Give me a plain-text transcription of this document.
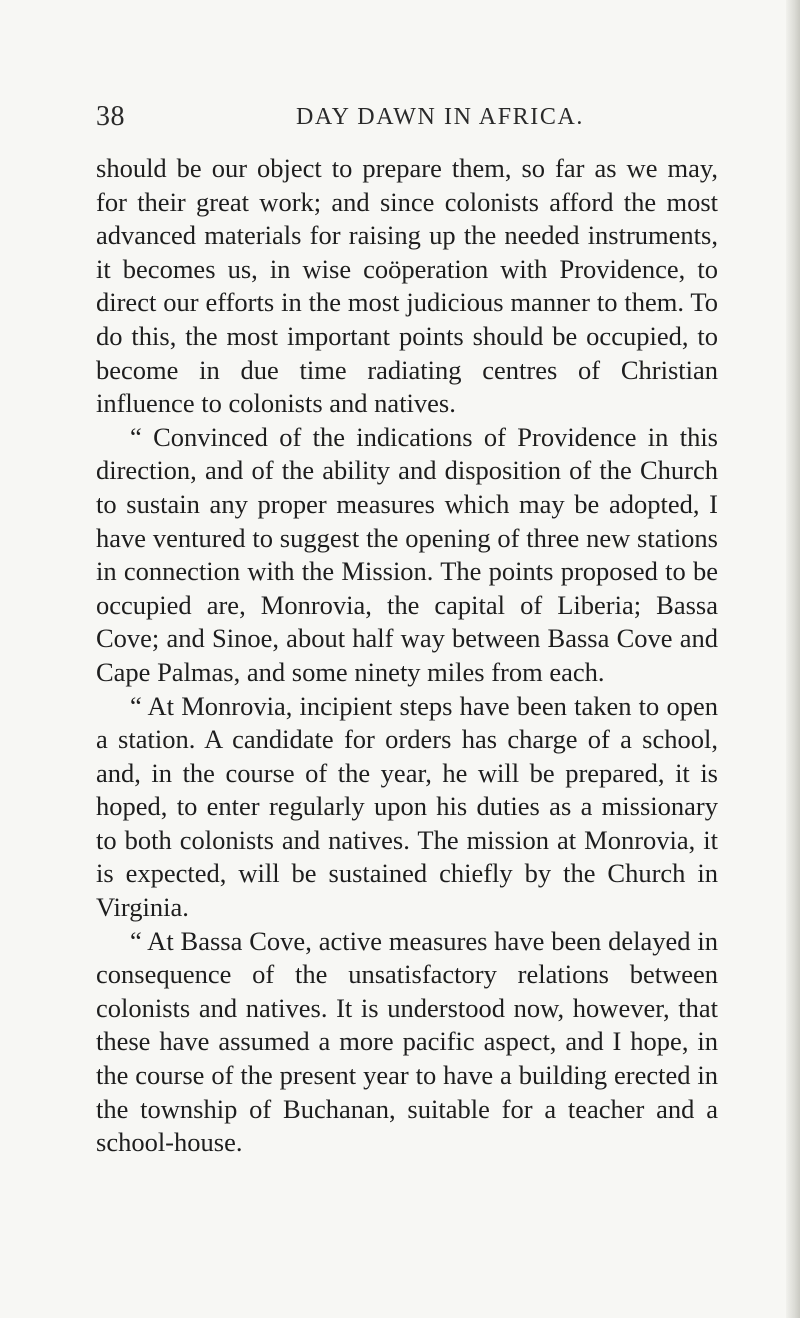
38	DAY DAWN IN AFRICA.

should be our object to prepare them, so far as we may, for their great work; and since colonists afford the most advanced materials for raising up the needed instruments, it becomes us, in wise coöperation with Providence, to direct our efforts in the most judicious manner to them. To do this, the most important points should be occupied, to become in due time radiating centres of Christian influence to colonists and natives.

“ Convinced of the indications of Providence in this direction, and of the ability and disposition of the Church to sustain any proper measures which may be adopted, I have ventured to suggest the opening of three new stations in connection with the Mission. The points proposed to be occupied are, Monrovia, the capital of Liberia; Bassa Cove; and Sinoe, about half way between Bassa Cove and Cape Palmas, and some ninety miles from each.

“ At Monrovia, incipient steps have been taken to open a station. A candidate for orders has charge of a school, and, in the course of the year, he will be prepared, it is hoped, to enter regularly upon his duties as a missionary to both colonists and natives. The mission at Monrovia, it is expected, will be sustained chiefly by the Church in Virginia.

“ At Bassa Cove, active measures have been delayed in consequence of the unsatisfactory relations between colonists and natives. It is understood now, however, that these have assumed a more pacific aspect, and I hope, in the course of the present year to have a building erected in the township of Buchanan, suitable for a teacher and a school-house.
